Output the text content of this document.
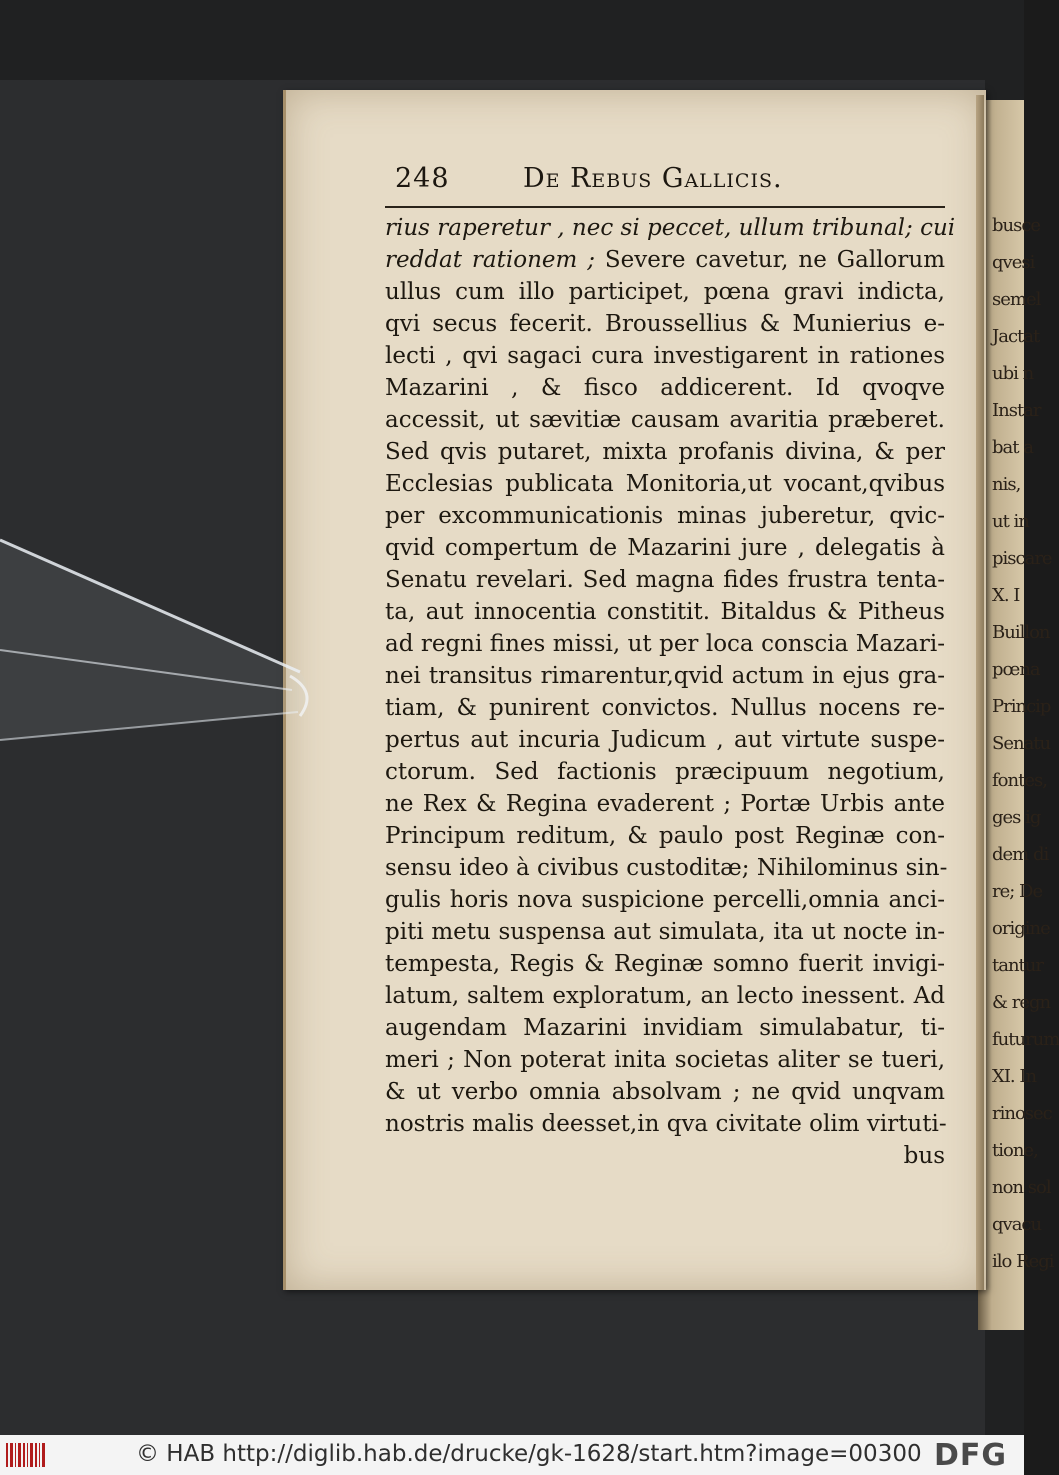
busce
qvesi
semel
Jactat
ubi n
Instar
bat a
nis,
ut in
piscare
X. I
Buillon
pœna
Princip
Senatu
fontes,
ges ig
dem di
re; De
origine
tantur
& regn
futurum
XI. In
rinosec
tione,
non sol
qvacu
ilo Regi
248	De Rebus Gallicis.
rius raperetur , nec si peccet, ullum tribunal; cui
reddat rationem ; Severe cavetur, ne Gallorum
ullus cum illo participet, pœna gravi indicta,
qvi secus fecerit. Broussellius & Munierius e-
lecti , qvi sagaci cura investigarent in rationes
Mazarini , & fisco addicerent. Id qvoqve
accessit, ut sævitiæ causam avaritia præberet.
Sed qvis putaret, mixta profanis divina, & per
Ecclesias publicata Monitoria,ut vocant,qvibus
per excommunicationis minas juberetur, qvic-
qvid compertum de Mazarini jure , delegatis à
Senatu revelari. Sed magna fides frustra tenta-
ta, aut innocentia constitit. Bitaldus & Pitheus
ad regni fines missi, ut per loca conscia Mazari-
nei transitus rimarentur,qvid actum in ejus gra-
tiam, & punirent convictos. Nullus nocens re-
pertus aut incuria Judicum , aut virtute suspe-
ctorum. Sed factionis præcipuum negotium,
ne Rex & Regina evaderent ; Portæ Urbis ante
Principum reditum, & paulo post Reginæ con-
sensu ideo à civibus custoditæ; Nihilominus sin-
gulis horis nova suspicione percelli,omnia anci-
piti metu suspensa aut simulata, ita ut nocte in-
tempesta, Regis & Reginæ somno fuerit invigi-
latum, saltem exploratum, an lecto inessent. Ad
augendam Mazarini invidiam simulabatur, ti-
meri ; Non poterat inita societas aliter se tueri,
& ut verbo omnia absolvam ; ne qvid unqvam
nostris malis deesset,in qva civitate olim virtuti-
bus
© HAB http://diglib.hab.de/drucke/gk-1628/start.htm?image=00300 DFG
